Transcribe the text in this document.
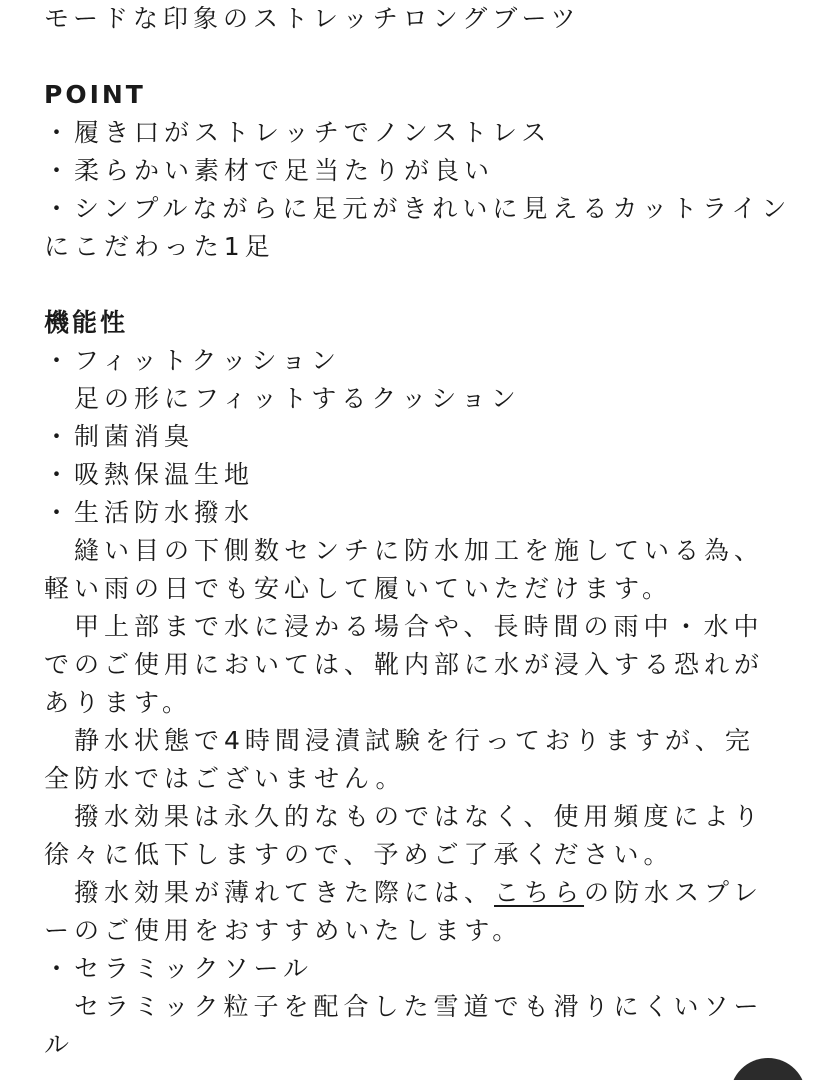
モードな印象のストレッチロングブーツ
POINT
・履き口がストレッチでノンストレス
・柔らかい素材で足当たりが良い
・シンプルながらに足元がきれいに見えるカットライン
にこだわった1足
機能性
・フィットクッション
足の形にフィットするクッション
・制菌消臭
・吸熱保温生地
・生活防水撥水
縫い目の下側数センチに防水加工を施している為、
軽い雨の日でも安心して履いていただけます。
甲上部まで水に浸かる場合や、長時間の雨中・水中
でのご使用においては、靴内部に水が浸入する恐れが
あります。
静水状態で4時間浸漬試験を行っておりますが、完
全防水ではございません。
撥水効果は永久的なものではなく、使用頻度により
徐々に低下しますので、予めご了承ください。
撥水効果が薄れてきた際には、こちらの防水スプレ
ーのご使用をおすすめいたします。
・セラミックソール
セラミック粒子を配合した雪道でも滑りにくいソー
ル
